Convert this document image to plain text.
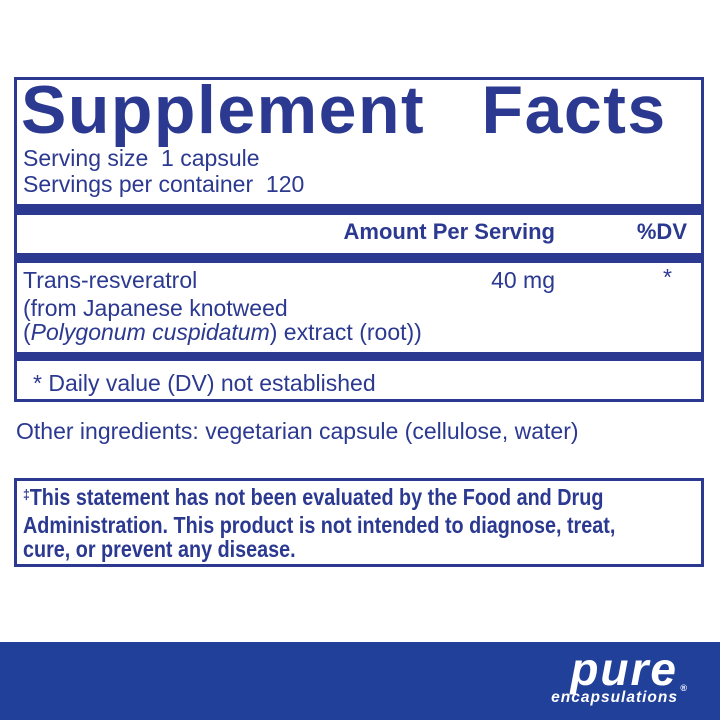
Supplement Facts
Serving size  1 capsule
Servings per container  120
Amount Per Serving	%DV
Trans-resveratrol	40 mg	*
(from Japanese knotweed
(Polygonum cuspidatum) extract (root))
* Daily value (DV) not established
Other ingredients: vegetarian capsule (cellulose, water)
‡This statement has not been evaluated by the Food and Drug
Administration. This product is not intended to diagnose, treat,
cure, or prevent any disease.
pure
encapsulations
®
